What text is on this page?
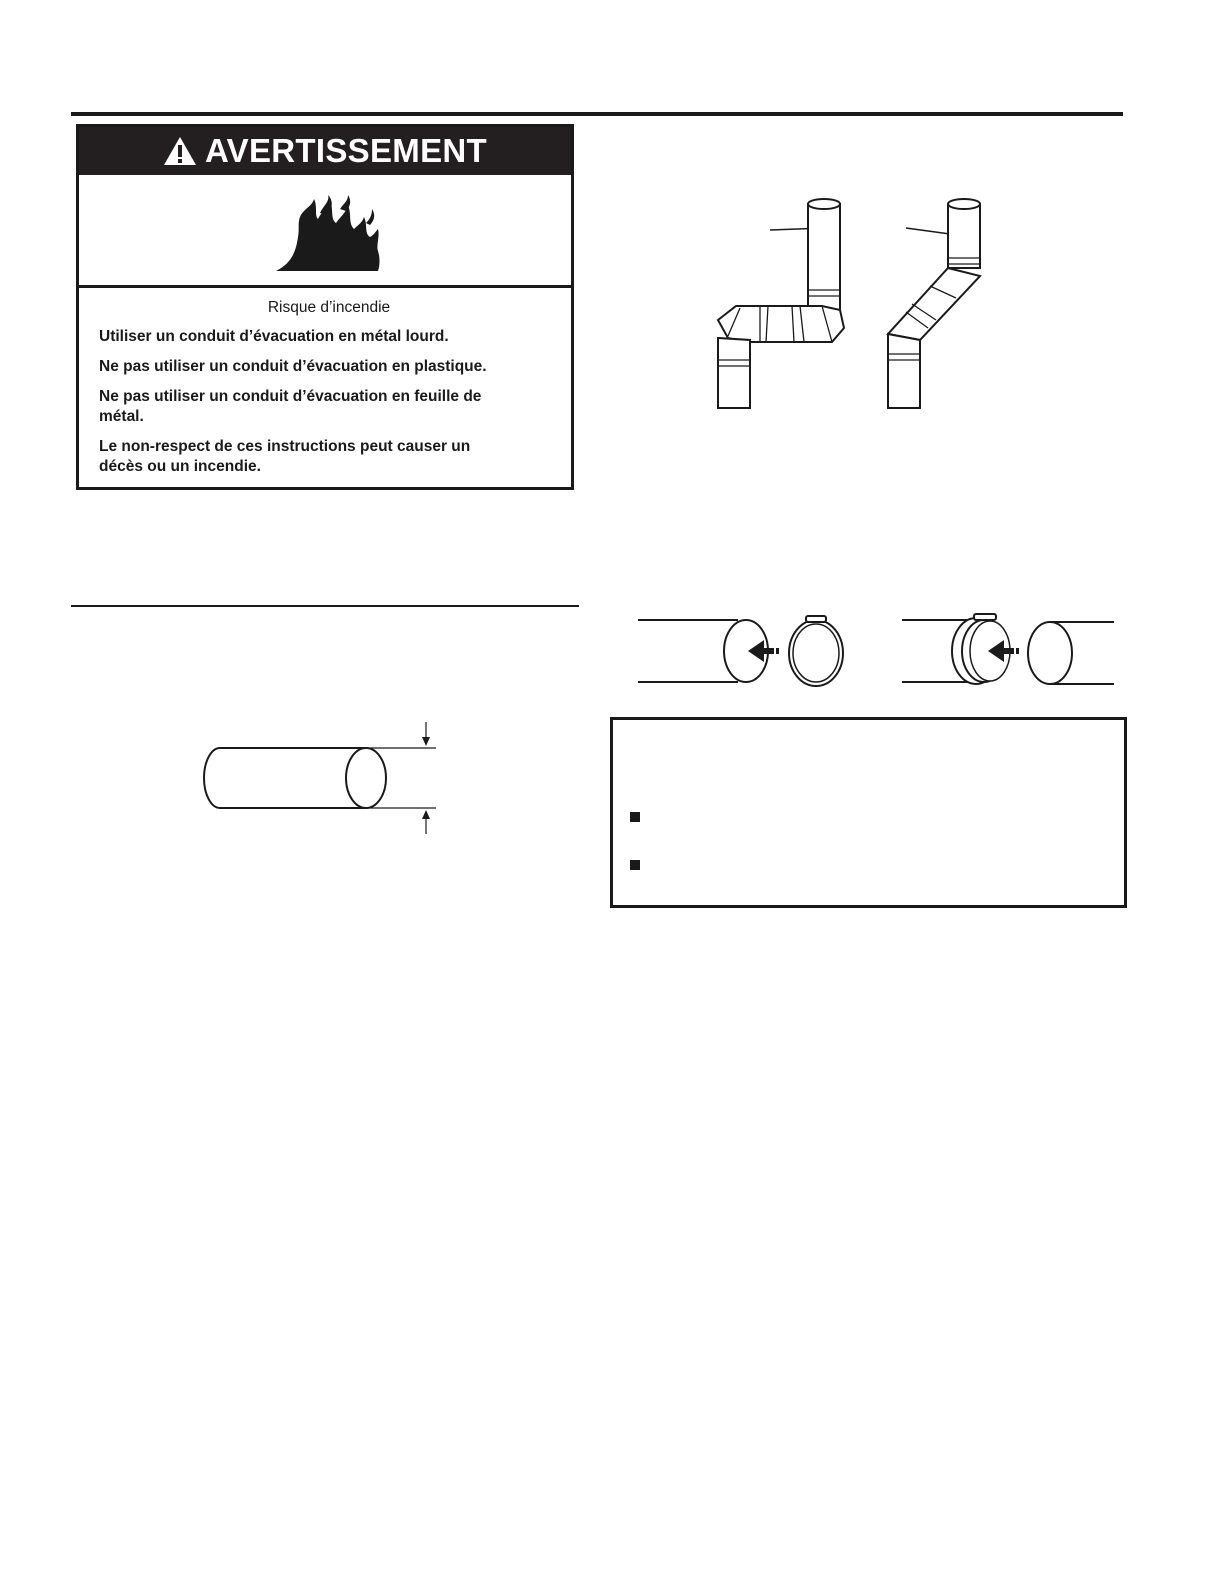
AVERTISSEMENT

Risque d’incendie

Utiliser un conduit d’évacuation en métal lourd.

Ne pas utiliser un conduit d’évacuation en plastique.

Ne pas utiliser un conduit d’évacuation en feuille de métal.

Le non-respect de ces instructions peut causer un décès ou un incendie.
